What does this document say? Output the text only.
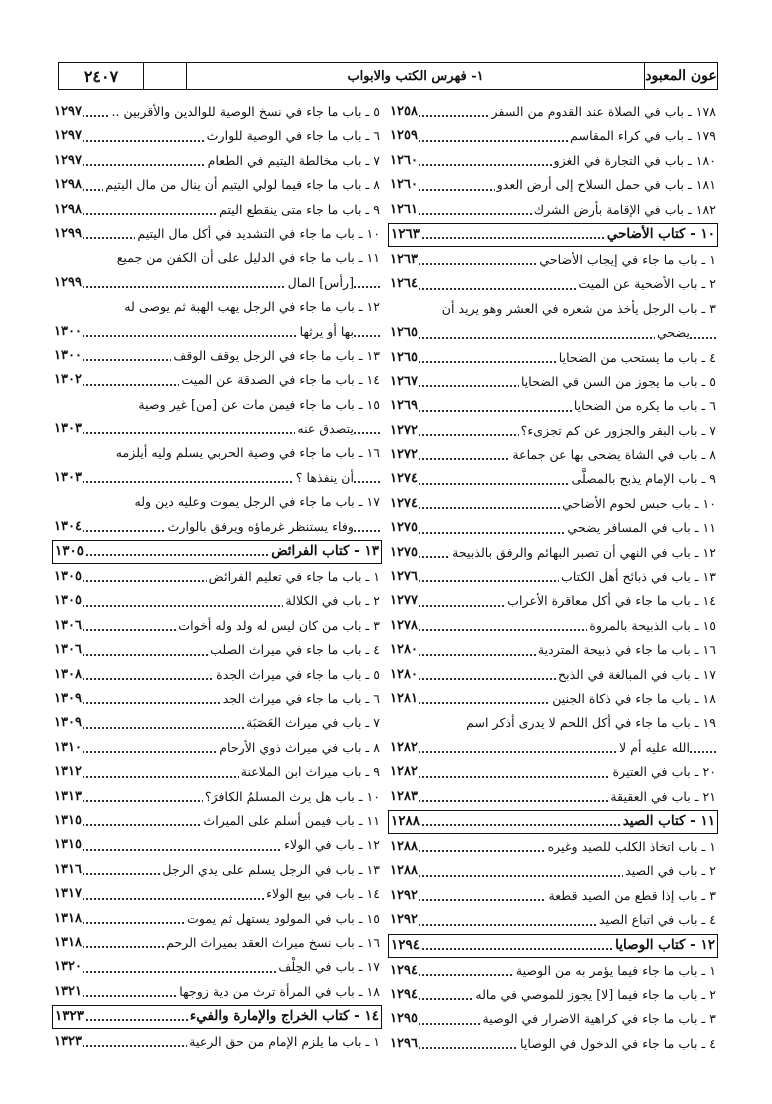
عون المعبود
١- فهرس الكتب والابواب
٢٤٠٧
١٧٨ ـ باب في الصلاة عند القدوم من السفر
١٢٥٨
١٧٩ ـ باب في كراء المقاسم
١٢٥٩
١٨٠ ـ باب في التجارة في الغزو
١٢٦٠
١٨١ ـ باب في حمل السلاح إلى أرض العدو
١٢٦٠
١٨٢ ـ باب في الإقامة بأرض الشرك
١٢٦١
١٠ - كتاب الأضاحي
١٢٦٣
١ ـ باب ما جاء في إيجاب الأضاحي
١٢٦٣
٢ ـ باب الأضحية عن الميت
١٢٦٤
٣ ـ باب الرجل يأخذ من شعره في العشر وهو يريد أن
يضحي
١٢٦٥
٤ ـ باب ما يستحب من الضحايا
١٢٦٥
٥ ـ باب ما يجوز من السن في الضحايا
١٢٦٧
٦ ـ باب ما يكره من الضحايا
١٢٦٩
٧ ـ باب البقر والجزور عن كم تجزىء؟
١٢٧٢
٨ ـ باب في الشاة يضحى بها عن جماعة
١٢٧٢
٩ ـ باب الإمام يذبح بالمصلَّى
١٢٧٤
١٠ ـ باب حبس لحوم الأضاحي
١٢٧٤
١١ ـ باب في المسافر يضحي
١٢٧٥
١٢ ـ باب في النهي أن تصبر البهائم والرفق بالذبيحة
١٢٧٥
١٣ ـ باب في ذبائح أهل الكتاب
١٢٧٦
١٤ ـ باب ما جاء في أكل معاقرة الأعراب
١٢٧٧
١٥ ـ باب الذبيحة بالمروة
١٢٧٨
١٦ ـ باب ما جاء في ذبيحة المتردية
١٢٨٠
١٧ ـ باب في المبالغة في الذبح
١٢٨٠
١٨ ـ باب ما جاء في ذكاة الجنين
١٢٨١
١٩ ـ باب ما جاء في أكل اللحم لا يدرى أذكر اسم
الله عليه أم لا
١٢٨٢
٢٠ ـ باب في العتيرة
١٢٨٢
٢١ ـ باب في العقيقة
١٢٨٣
١١ - كتاب الصيد
١٢٨٨
١ ـ باب اتخاذ الكلب للصيد وغيره
١٢٨٨
٢ ـ باب في الصيد
١٢٨٨
٣ ـ باب إذا قطع من الصيد قطعة
١٢٩٢
٤ ـ باب في اتباع الصيد
١٢٩٢
١٢ - كتاب الوصايا
١٢٩٤
١ ـ باب ما جاء فيما يؤمر به من الوصية
١٢٩٤
٢ ـ باب ما جاء فيما [لا] يجوز للموصي في ماله
١٢٩٤
٣ ـ باب ما جاء في كراهية الاضرار في الوصية
١٢٩٥
٤ ـ باب ما جاء في الدخول في الوصايا
١٢٩٦
٥ ـ باب ما جاء في نسخ الوصية للوالدين والأقربين ..
١٢٩٧
٦ ـ باب ما جاء في الوصية للوارث
١٢٩٧
٧ ـ باب مخالطة اليتيم في الطعام
١٢٩٧
٨ ـ باب ما جاء فيما لولي اليتيم أن ينال من مال اليتيم
١٢٩٨
٩ ـ باب ما جاء متى ينقطع اليتم
١٢٩٨
١٠ ـ باب ما جاء في التشديد في أكل مال اليتيم
١٢٩٩
١١ ـ باب ما جاء في الدليل على أن الكفن من جميع
[رأس] المال
١٢٩٩
١٢ ـ باب ما جاء في الرجل يهب الهبة ثم يوصى له
بها أو يرثها
١٣٠٠
١٣ ـ باب ما جاء في الرجل يوقف الوقف
١٣٠٠
١٤ ـ باب ما جاء في الصدقة عن الميت
١٣٠٢
١٥ ـ باب ما جاء فيمن مات عن [من] غير وصية
يتصدق عنه
١٣٠٣
١٦ ـ باب ما جاء في وصية الحربي يسلم وليه أيلزمه
أن ينفذها ؟
١٣٠٣
١٧ ـ باب ما جاء في الرجل يموت وعليه دين وله
وفاء يستنظر غرماؤه ويرفق بالوارث
١٣٠٤
١٣ - كتاب الفرائض
١٣٠٥
١ ـ باب ما جاء في تعليم الفرائض
١٣٠٥
٢ ـ باب في الكلالة
١٣٠٥
٣ ـ باب من كان ليس له ولد وله أخوات
١٣٠٦
٤ ـ باب ما جاء في ميراث الصلب
١٣٠٦
٥ ـ باب ما جاء في ميراث الجدة
١٣٠٨
٦ ـ باب ما جاء في ميراث الجد
١٣٠٩
٧ ـ باب في ميراث العَصَبَة
١٣٠٩
٨ ـ باب في ميراث ذوي الأرحام
١٣١٠
٩ ـ باب ميراث ابن الملاعنة
١٣١٢
١٠ ـ باب هل يرث المسلمُ الكافرَ؟
١٣١٣
١١ ـ باب فيمن أسلم على الميراث
١٣١٥
١٢ ـ باب في الولاء
١٣١٥
١٣ ـ باب في الرجل يسلم على يدي الرجل
١٣١٦
١٤ ـ باب في بيع الولاء
١٣١٧
١٥ ـ باب في المولود يستهل ثم يموت
١٣١٨
١٦ ـ باب نسخ ميراث العقد بميراث الرحم
١٣١٨
١٧ ـ باب في الحِلْف
١٣٢٠
١٨ ـ باب في المرأة ترث من دية زوجها
١٣٢١
١٤ - كتاب الخراج والإمارة والفيء
١٣٢٣
١ ـ باب ما يلزم الإمام من حق الرعية
١٣٢٣
